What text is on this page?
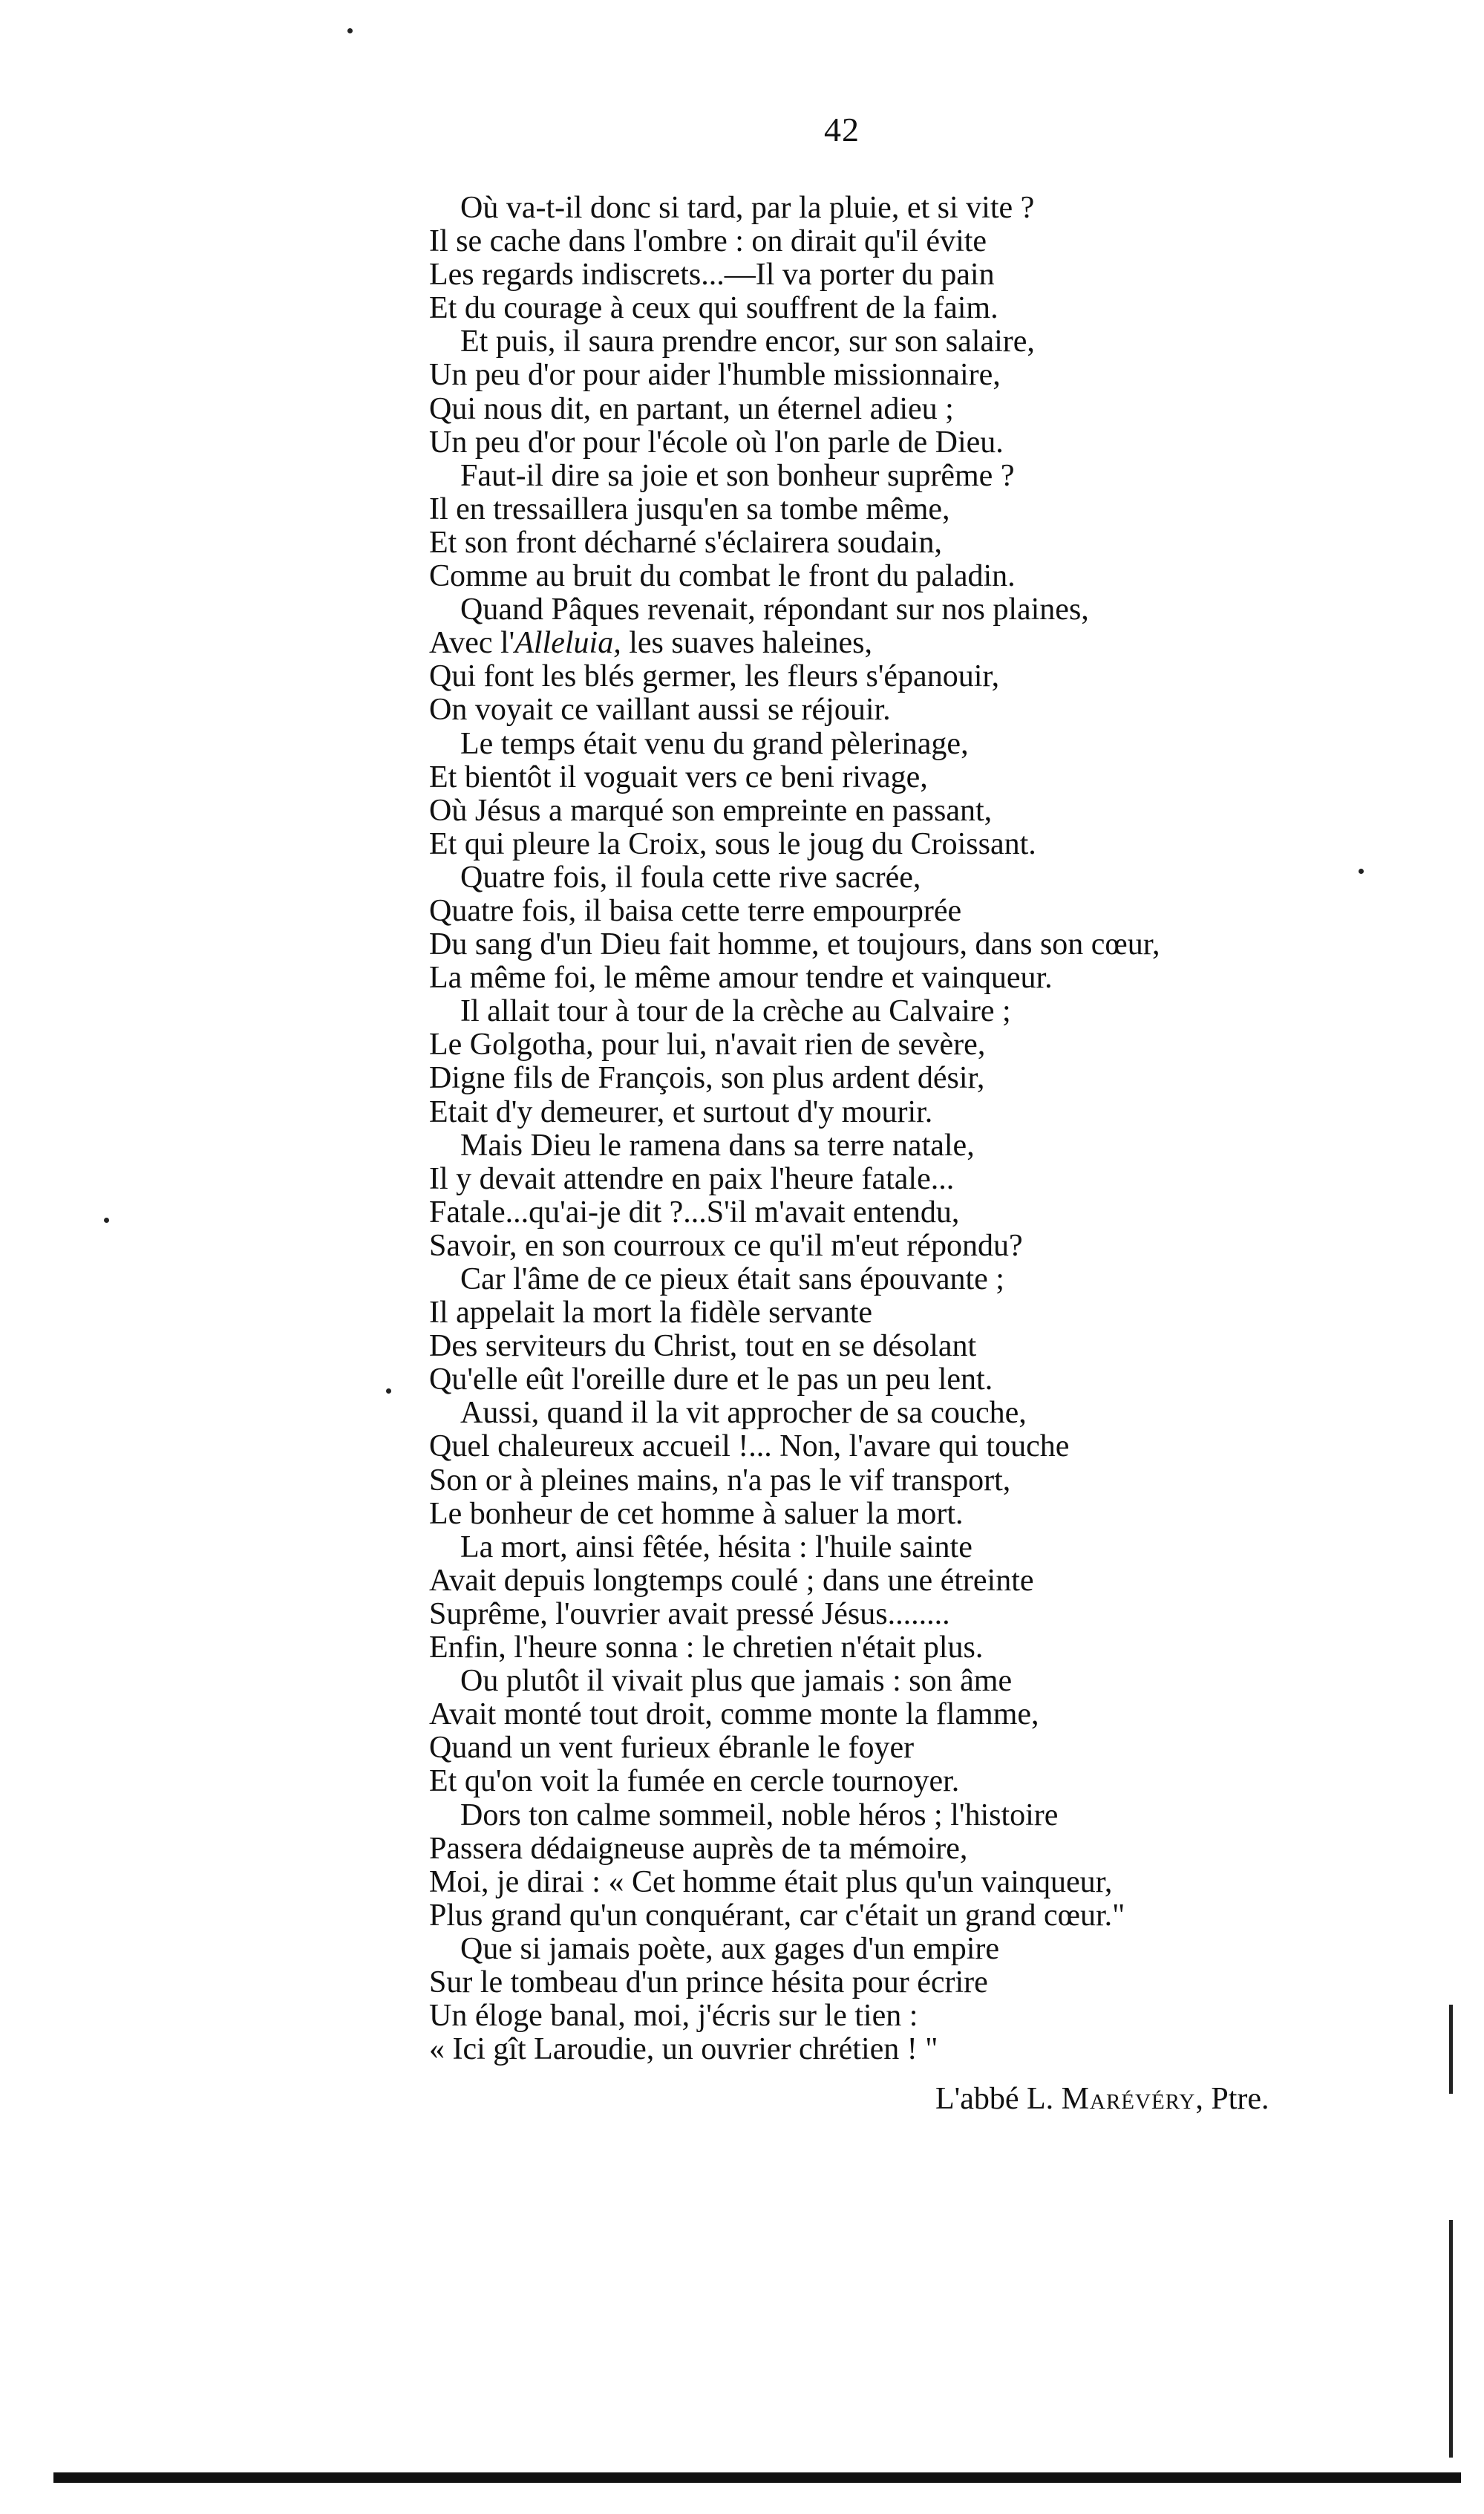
42
Où va-t-il donc si tard, par la pluie, et si vite ?
Il se cache dans l'ombre : on dirait qu'il évite
Les regards indiscrets...—Il va porter du pain
Et du courage à ceux qui souffrent de la faim.
Et puis, il saura prendre encor, sur son salaire,
Un peu d'or pour aider l'humble missionnaire,
Qui nous dit, en partant, un éternel adieu ;
Un peu d'or pour l'école où l'on parle de Dieu.
Faut-il dire sa joie et son bonheur suprême ?
Il en tressaillera jusqu'en sa tombe même,
Et son front décharné s'éclairera soudain,
Comme au bruit du combat le front du paladin.
Quand Pâques revenait, répondant sur nos plaines,
Avec l'Alleluia, les suaves haleines,
Qui font les blés germer, les fleurs s'épanouir,
On voyait ce vaillant aussi se réjouir.
Le temps était venu du grand pèlerinage,
Et bientôt il voguait vers ce beni rivage,
Où Jésus a marqué son empreinte en passant,
Et qui pleure la Croix, sous le joug du Croissant.
Quatre fois, il foula cette rive sacrée,
Quatre fois, il baisa cette terre empourprée
Du sang d'un Dieu fait homme, et toujours, dans son cœur,
La même foi, le même amour tendre et vainqueur.
Il allait tour à tour de la crèche au Calvaire ;
Le Golgotha, pour lui, n'avait rien de sevère,
Digne fils de François, son plus ardent désir,
Etait d'y demeurer, et surtout d'y mourir.
Mais Dieu le ramena dans sa terre natale,
Il y devait attendre en paix l'heure fatale...
Fatale...qu'ai-je dit ?...S'il m'avait entendu,
Savoir, en son courroux ce qu'il m'eut répondu?
Car l'âme de ce pieux était sans épouvante ;
Il appelait la mort la fidèle servante
Des serviteurs du Christ, tout en se désolant
Qu'elle eût l'oreille dure et le pas un peu lent.
Aussi, quand il la vit approcher de sa couche,
Quel chaleureux accueil !... Non, l'avare qui touche
Son or à pleines mains, n'a pas le vif transport,
Le bonheur de cet homme à saluer la mort.
La mort, ainsi fêtée, hésita : l'huile sainte
Avait depuis longtemps coulé ; dans une étreinte
Suprême, l'ouvrier avait pressé Jésus........
Enfin, l'heure sonna : le chretien n'était plus.
Ou plutôt il vivait plus que jamais : son âme
Avait monté tout droit, comme monte la flamme,
Quand un vent furieux ébranle le foyer
Et qu'on voit la fumée en cercle tournoyer.
Dors ton calme sommeil, noble héros ; l'histoire
Passera dédaigneuse auprès de ta mémoire,
Moi, je dirai : « Cet homme était plus qu'un vainqueur,
Plus grand qu'un conquérant, car c'était un grand cœur."
Que si jamais poète, aux gages d'un empire
Sur le tombeau d'un prince hésita pour écrire
Un éloge banal, moi, j'écris sur le tien :
« Ici gît Laroudie, un ouvrier chrétien ! "
L'abbé L. Marévéry, Ptre.
